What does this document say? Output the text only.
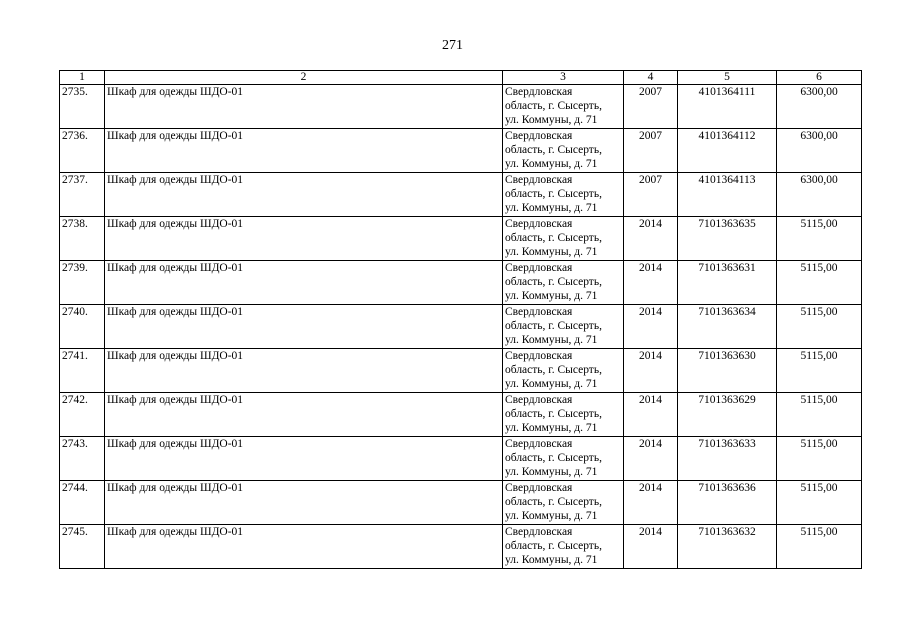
271
1	2	3	4	5	6
2735.	Шкаф для одежды ШДО-01	Свердловская
область, г. Сысерть,
ул. Коммуны, д. 71	2007	4101364111	6300,00
2736.	Шкаф для одежды ШДО-01	Свердловская
область, г. Сысерть,
ул. Коммуны, д. 71	2007	4101364112	6300,00
2737.	Шкаф для одежды ШДО-01	Свердловская
область, г. Сысерть,
ул. Коммуны, д. 71	2007	4101364113	6300,00
2738.	Шкаф для одежды ШДО-01	Свердловская
область, г. Сысерть,
ул. Коммуны, д. 71	2014	7101363635	5115,00
2739.	Шкаф для одежды ШДО-01	Свердловская
область, г. Сысерть,
ул. Коммуны, д. 71	2014	7101363631	5115,00
2740.	Шкаф для одежды ШДО-01	Свердловская
область, г. Сысерть,
ул. Коммуны, д. 71	2014	7101363634	5115,00
2741.	Шкаф для одежды ШДО-01	Свердловская
область, г. Сысерть,
ул. Коммуны, д. 71	2014	7101363630	5115,00
2742.	Шкаф для одежды ШДО-01	Свердловская
область, г. Сысерть,
ул. Коммуны, д. 71	2014	7101363629	5115,00
2743.	Шкаф для одежды ШДО-01	Свердловская
область, г. Сысерть,
ул. Коммуны, д. 71	2014	7101363633	5115,00
2744.	Шкаф для одежды ШДО-01	Свердловская
область, г. Сысерть,
ул. Коммуны, д. 71	2014	7101363636	5115,00
2745.	Шкаф для одежды ШДО-01	Свердловская
область, г. Сысерть,
ул. Коммуны, д. 71	2014	7101363632	5115,00
